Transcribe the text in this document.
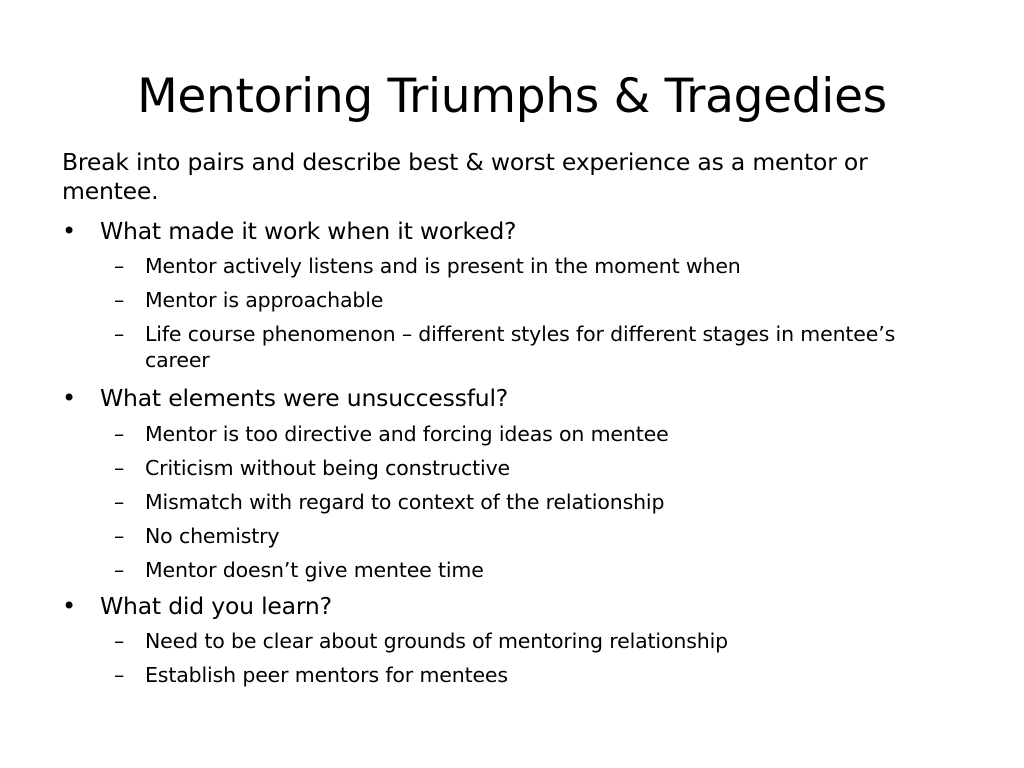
Mentoring Triumphs & Tragedies
Break into pairs and describe best & worst experience as a mentor or mentee.
•	What made it work when it worked?
–	Mentor actively listens and is present in the moment when
–	Mentor is approachable
–	Life course phenomenon – different styles for different stages in mentee’s career
•	What elements were unsuccessful?
–	Mentor is too directive and forcing ideas on mentee
–	Criticism without being constructive
–	Mismatch with regard to context of the relationship
–	No chemistry
–	Mentor doesn’t give mentee time
•	What did you learn?
–	Need to be clear about grounds of mentoring relationship
–	Establish peer mentors for mentees
